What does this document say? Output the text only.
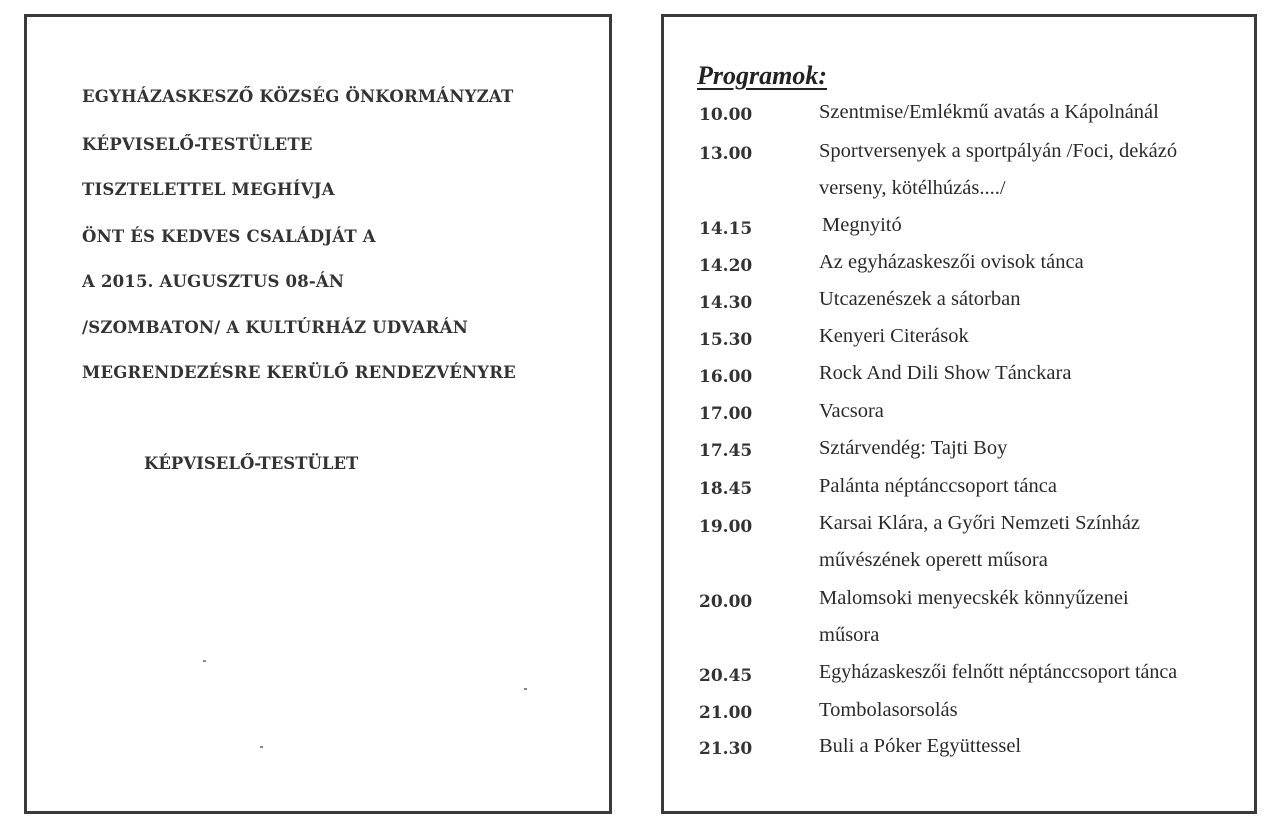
EGYHÁZASKESZŐ KÖZSÉG ÖNKORMÁNYZAT
KÉPVISELŐ-TESTÜLETE
TISZTELETTEL MEGHÍVJA
ÖNT ÉS KEDVES CSALÁDJÁT A
A 2015. AUGUSZTUS 08-ÁN
/SZOMBATON/ A KULTÚRHÁZ UDVARÁN
MEGRENDEZÉSRE KERÜLŐ RENDEZVÉNYRE
KÉPVISELŐ-TESTÜLET
Programok:
10.00	Szentmise/Emlékmű avatás a Kápolnánál
13.00	Sportversenyek a sportpályán /Foci, dekázó
verseny, kötélhúzás..../
14.15	Megnyitó
14.20	Az egyházaskeszői ovisok tánca
14.30	Utcazenészek a sátorban
15.30	Kenyeri Citerások
16.00	Rock And Dili Show Tánckara
17.00	Vacsora
17.45	Sztárvendég: Tajti Boy
18.45	Palánta néptánccsoport tánca
19.00	Karsai Klára, a Győri Nemzeti Színház
művészének operett műsora
20.00	Malomsoki menyecskék könnyűzenei
műsora
20.45	Egyházaskeszői felnőtt néptánccsoport tánca
21.00	Tombolasorsolás
21.30	Buli a Póker Együttessel
